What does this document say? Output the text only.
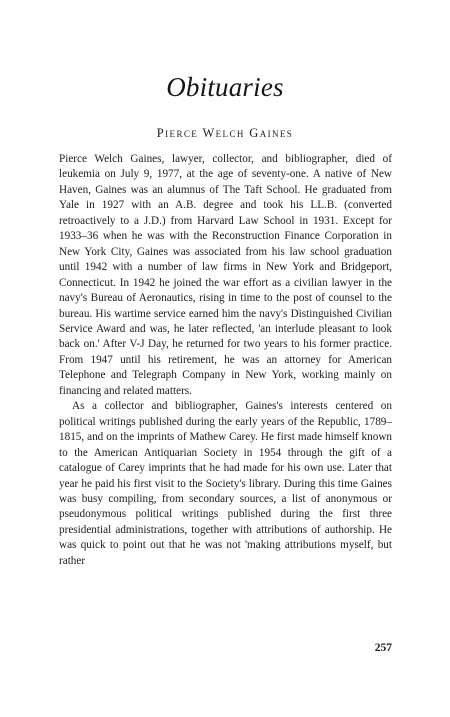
Obituaries
Pierce Welch Gaines

Pierce Welch Gaines, lawyer, collector, and bibliographer, died of leukemia on July 9, 1977, at the age of seventy-one. A native of New Haven, Gaines was an alumnus of The Taft School. He graduated from Yale in 1927 with an A.B. degree and took his LL.B. (converted retroactively to a J.D.) from Harvard Law School in 1931. Except for 1933–36 when he was with the Reconstruction Finance Corporation in New York City, Gaines was associated from his law school graduation until 1942 with a number of law firms in New York and Bridgeport, Connecticut. In 1942 he joined the war effort as a civilian lawyer in the navy's Bureau of Aeronautics, rising in time to the post of counsel to the bureau. His wartime service earned him the navy's Distinguished Civilian Service Award and was, he later reflected, 'an interlude pleasant to look back on.' After V-J Day, he returned for two years to his former practice. From 1947 until his retirement, he was an attorney for American Telephone and Telegraph Company in New York, working mainly on financing and related matters.

As a collector and bibliographer, Gaines's interests centered on political writings published during the early years of the Republic, 1789–1815, and on the imprints of Mathew Carey. He first made himself known to the American Antiquarian Society in 1954 through the gift of a catalogue of Carey imprints that he had made for his own use. Later that year he paid his first visit to the Society's library. During this time Gaines was busy compiling, from secondary sources, a list of anonymous or pseudonymous political writings published during the first three presidential administrations, together with attributions of authorship. He was quick to point out that he was not 'making attributions myself, but rather

257
